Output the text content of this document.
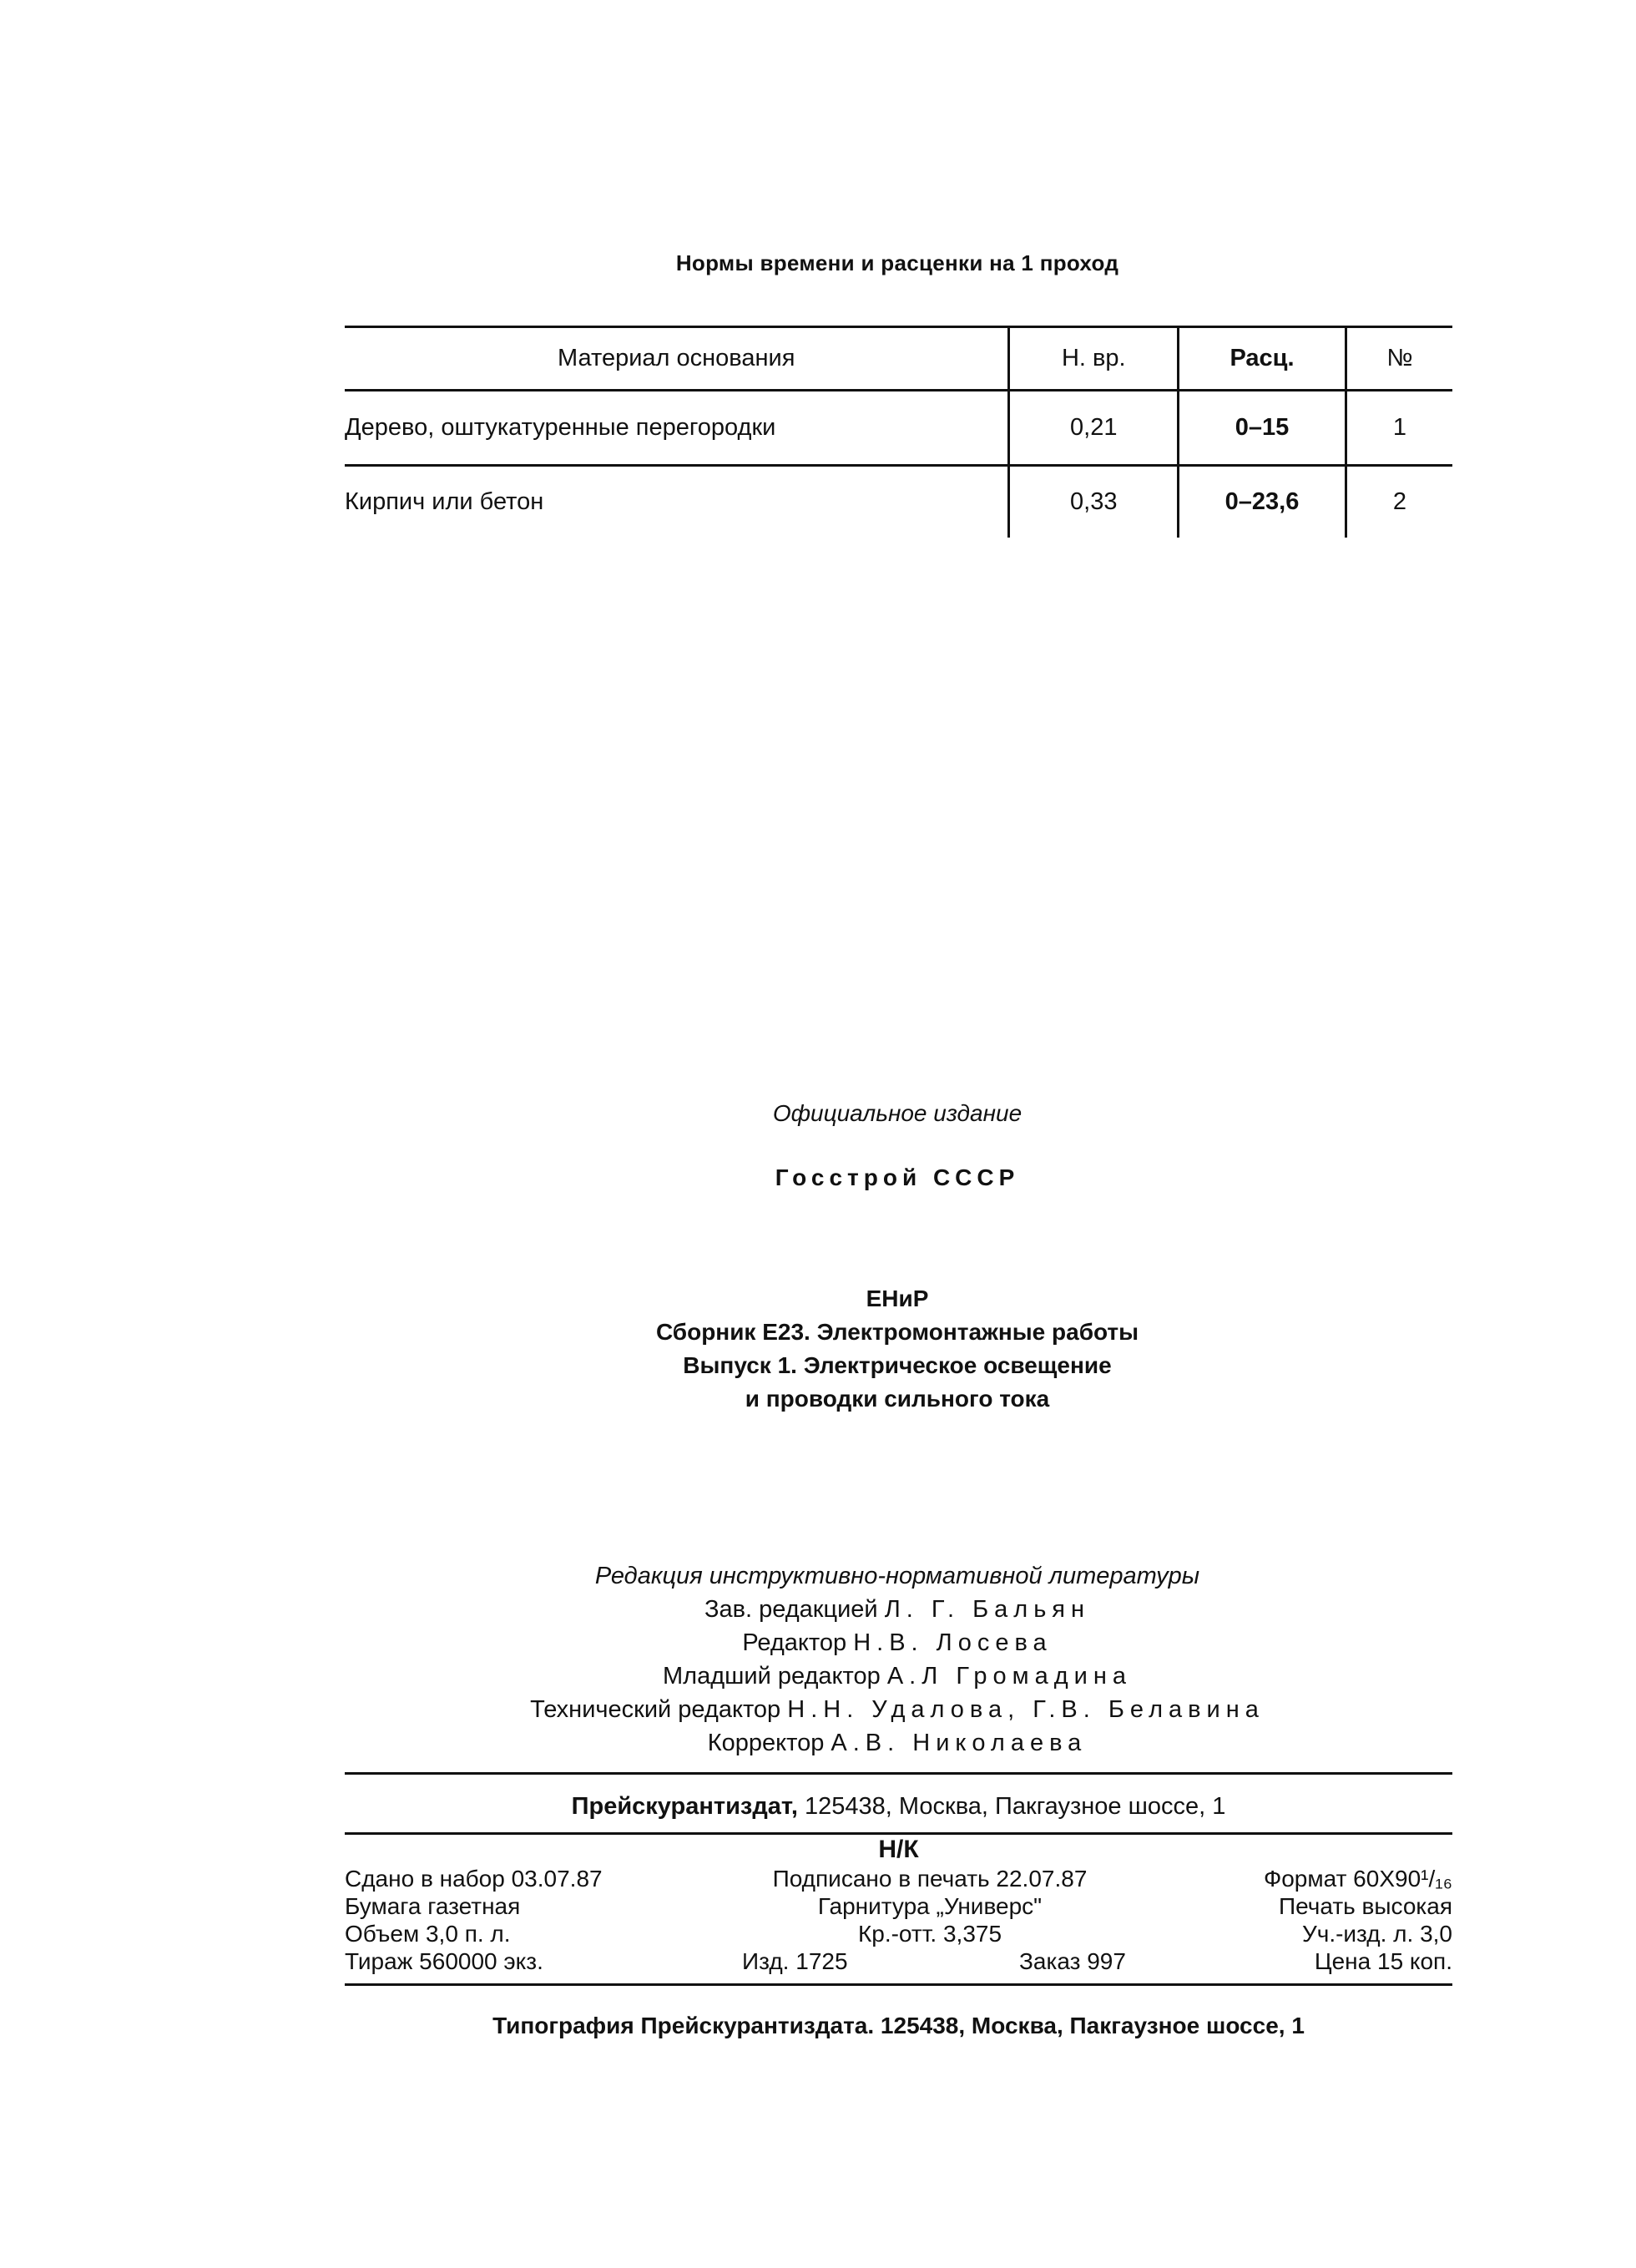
Нормы времени и расценки на 1 проход
Материал основания	Н. вр.	Расц.	№
Дерево, оштукатуренные перегородки	0,21	0–15	1
Кирпич или бетон	0,33	0–23,6	2
Официальное издание
Госстрой СССР
ЕНиР
Сборник Е23. Электромонтажные работы
Выпуск 1. Электрическое освещение
и проводки сильного тока
Редакция инструктивно-нормативной литературы
Зав. редакцией Л. Г. Бальян
Редактор Н.В. Лосева
Младший редактор А.Л Громадина
Технический редактор Н.Н. Удалова, Г.В. Белавина
Корректор А.В. Николаева
Прейскурантиздат, 125438, Москва, Пакгаузное шоссе, 1
Н/К
Сдано в набор 03.07.87	Подписано в печать 22.07.87	Формат 60Х90¹/₁₆
Бумага газетная	Гарнитура „Универс"	Печать высокая
Объем 3,0 п. л.	Кр.-отт. 3,375	Уч.-изд. л. 3,0
Тираж 560000 экз.	Изд. 1725	Заказ 997	Цена 15 коп.
Типография Прейскурантиздата. 125438, Москва, Пакгаузное шоссе, 1
